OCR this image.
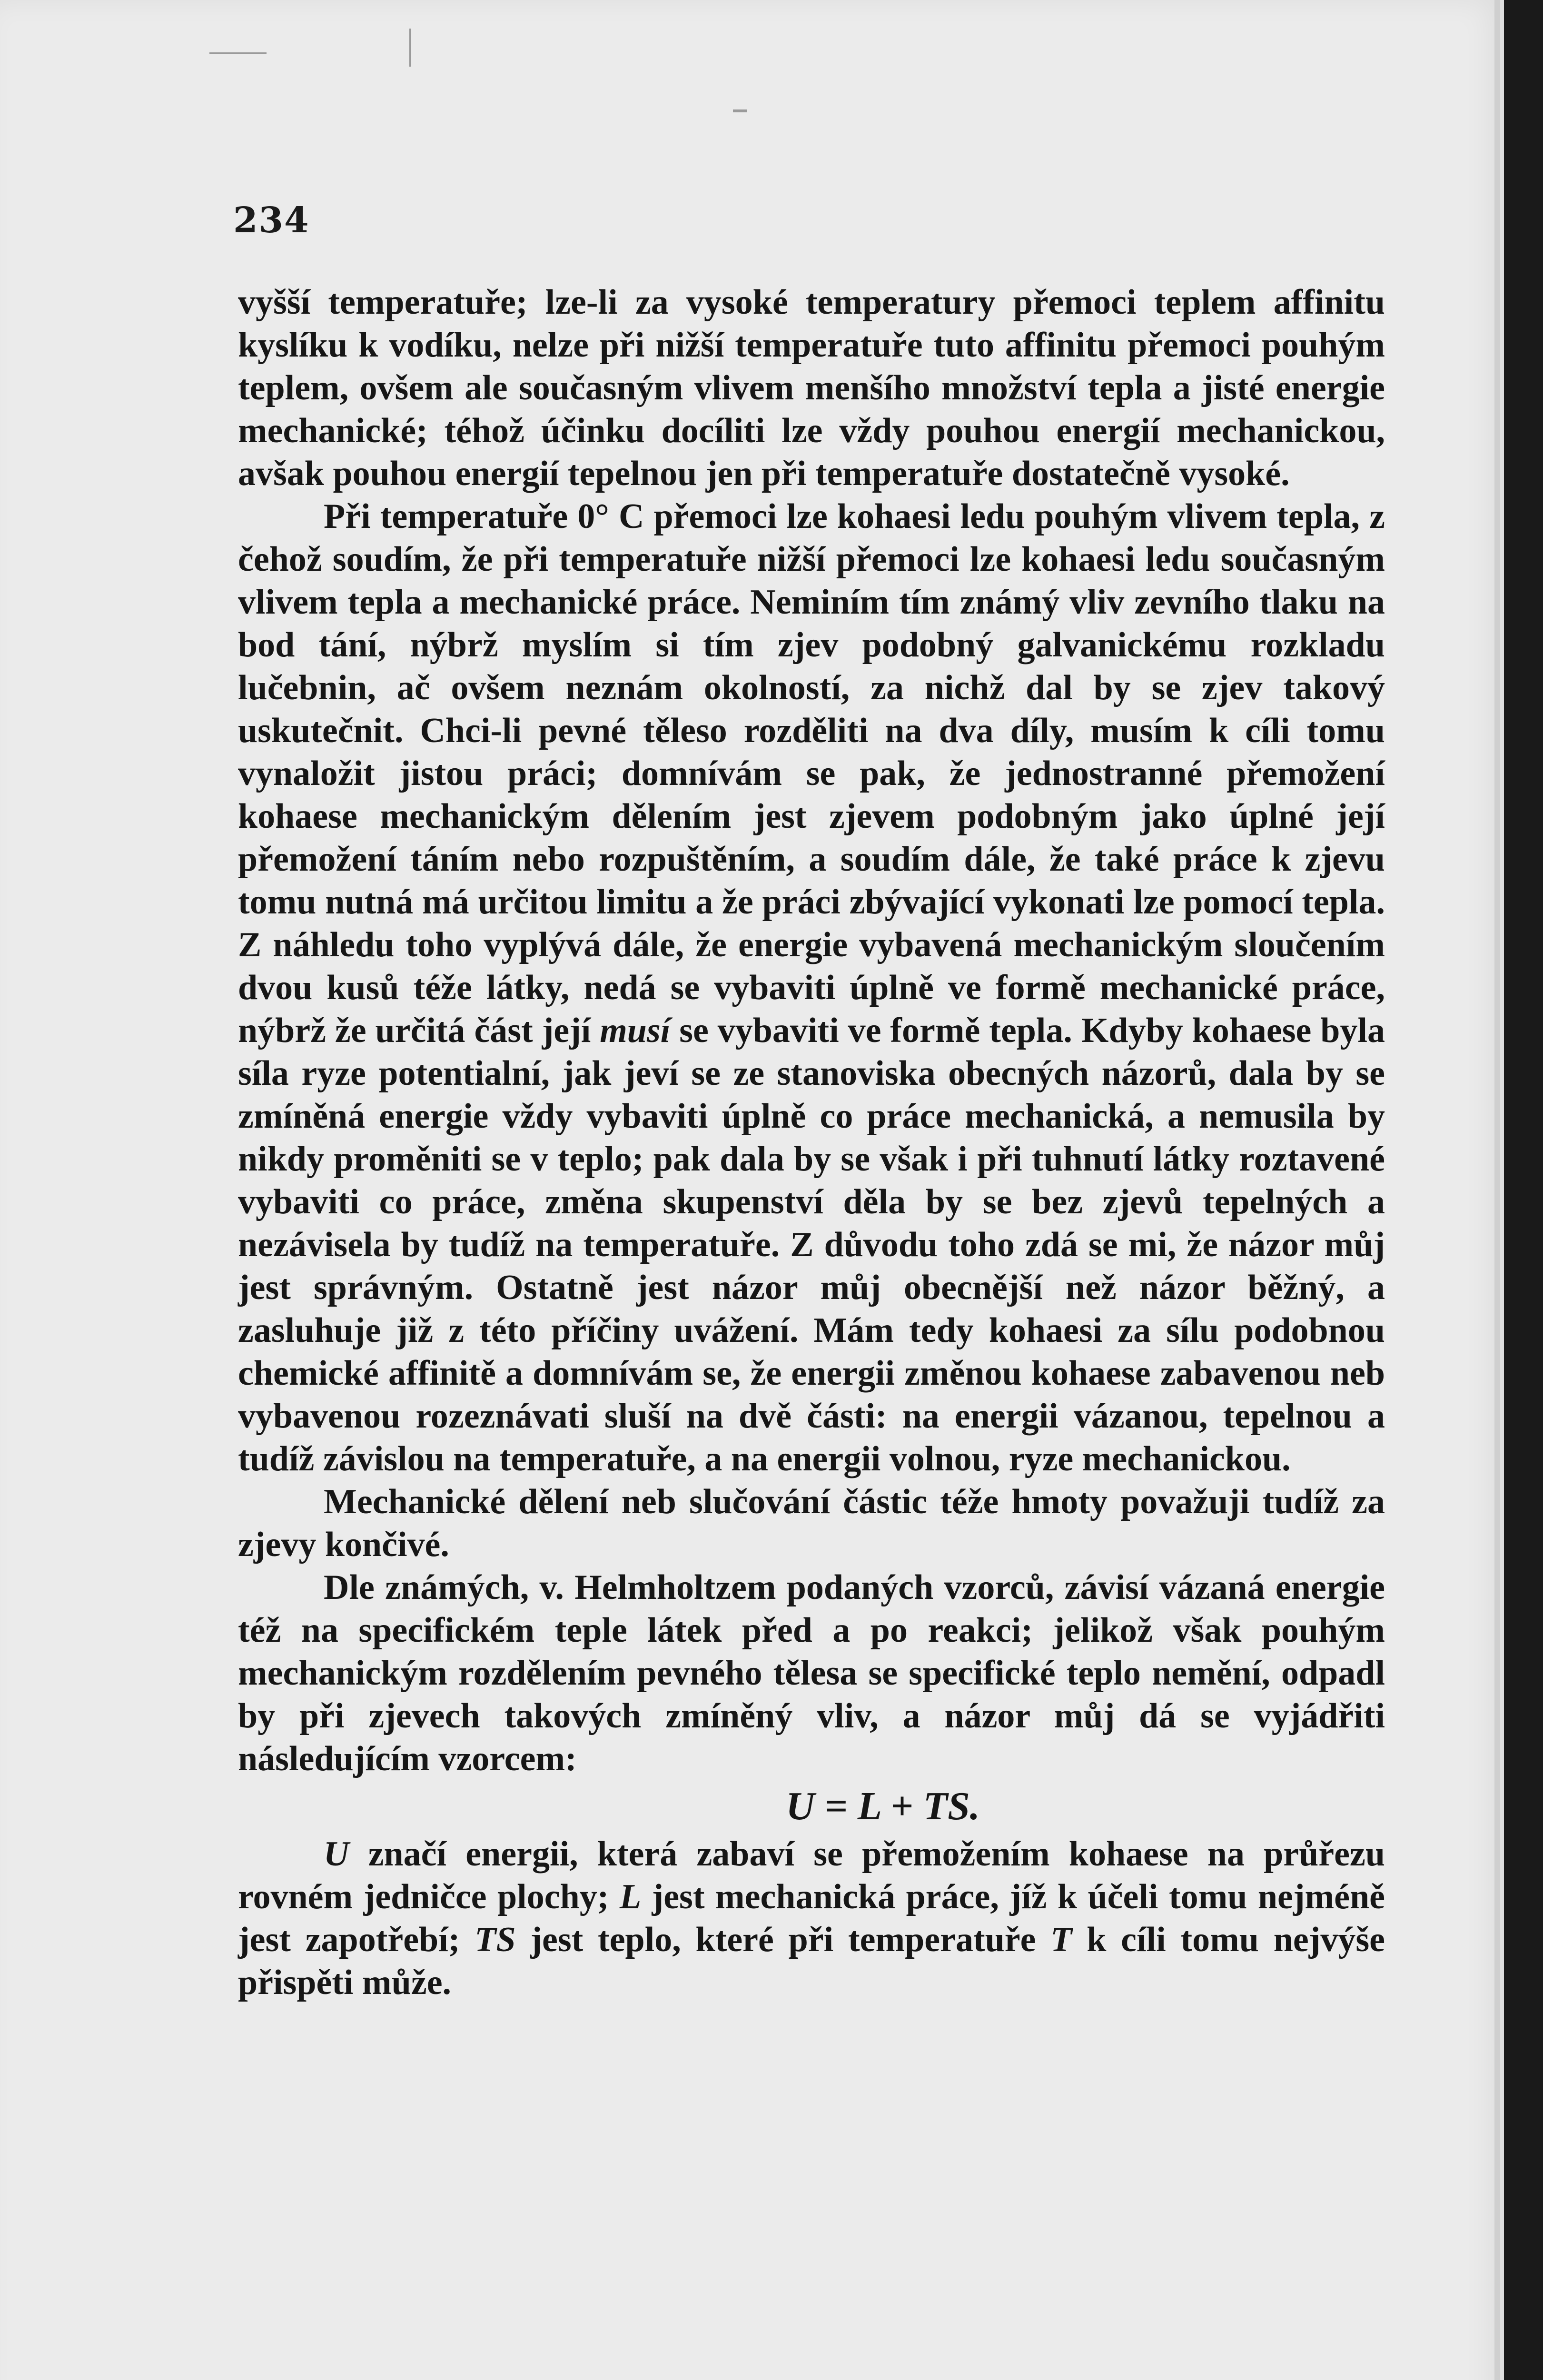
234

vyšší temperatuře; lze-li za vysoké temperatury přemoci teplem affinitu kyslíku k vodíku, nelze při nižší temperatuře tuto affinitu přemoci pouhým teplem, ovšem ale současným vlivem menšího množství tepla a jisté energie mechanické; téhož účinku docíliti lze vždy pouhou energií mechanickou, avšak pouhou energií tepelnou jen při temperatuře dostatečně vysoké.

Při temperatuře 0° C přemoci lze kohaesi ledu pouhým vlivem tepla, z čehož soudím, že při temperatuře nižší přemoci lze kohaesi ledu současným vlivem tepla a mechanické práce. Neminím tím známý vliv zevního tlaku na bod tání, nýbrž myslím si tím zjev podobný galvanickému rozkladu lučebnin, ač ovšem neznám okolností, za nichž dal by se zjev takový uskutečnit. Chci-li pevné těleso rozděliti na dva díly, musím k cíli tomu vynaložit jistou práci; domnívám se pak, že jednostranné přemožení kohaese mechanickým dělením jest zjevem podobným jako úplné její přemožení táním nebo rozpuštěním, a soudím dále, že také práce k zjevu tomu nutná má určitou limitu a že práci zbývající vykonati lze pomocí tepla. Z náhledu toho vyplývá dále, že energie vybavená mechanickým sloučením dvou kusů téže látky, nedá se vybaviti úplně ve formě mechanické práce, nýbrž že určitá část její musí se vybaviti ve formě tepla. Kdyby kohaese byla síla ryze potentialní, jak jeví se ze stanoviska obecných názorů, dala by se zmíněná energie vždy vybaviti úplně co práce mechanická, a nemusila by nikdy proměniti se v teplo; pak dala by se však i při tuhnutí látky roztavené vybaviti co práce, změna skupenství děla by se bez zjevů tepelných a nezávisela by tudíž na temperatuře. Z důvodu toho zdá se mi, že názor můj jest správným. Ostatně jest názor můj obecnější než názor běžný, a zasluhuje již z této příčiny uvážení. Mám tedy kohaesi za sílu podobnou chemické affinitě a domnívám se, že energii změnou kohaese zabavenou neb vybavenou rozeznávati sluší na dvě části: na energii vázanou, tepelnou a tudíž závislou na temperatuře, a na energii volnou, ryze mechanickou.

Mechanické dělení neb slučování částic téže hmoty považuji tudíž za zjevy končivé.

Dle známých, v. Helmholtzem podaných vzorců, závisí vázaná energie též na specifickém teple látek před a po reakci; jelikož však pouhým mechanickým rozdělením pevného tělesa se specifické teplo nemění, odpadl by při zjevech takových zmíněný vliv, a názor můj dá se vyjádřiti následujícím vzorcem:

U = L + TS.

U značí energii, která zabaví se přemožením kohaese na průřezu rovném jedničce plochy; L jest mechanická práce, jíž k účeli tomu nejméně jest zapotřebí; TS jest teplo, které při temperatuře T k cíli tomu nejvýše přispěti může.
